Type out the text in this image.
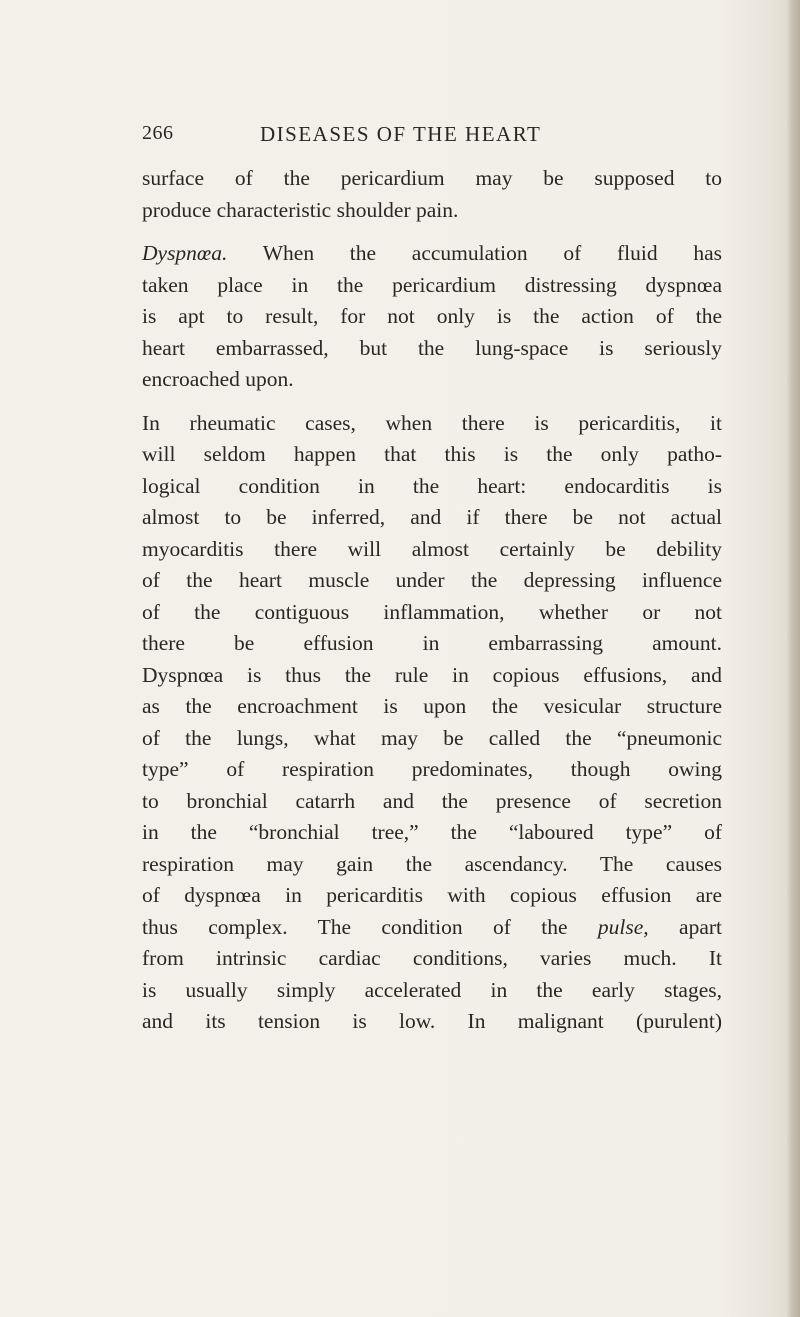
266	DISEASES OF THE HEART
surface of the pericardium may be supposed to
produce characteristic shoulder pain.
Dyspnœa. When the accumulation of fluid has
taken place in the pericardium distressing dyspnœa
is apt to result, for not only is the action of the
heart embarrassed, but the lung-space is seriously
encroached upon.
In rheumatic cases, when there is pericarditis, it
will seldom happen that this is the only patho-
logical condition in the heart: endocarditis is
almost to be inferred, and if there be not actual
myocarditis there will almost certainly be debility
of the heart muscle under the depressing influence
of the contiguous inflammation, whether or not
there be effusion in embarrassing amount.
Dyspnœa is thus the rule in copious effusions, and
as the encroachment is upon the vesicular structure
of the lungs, what may be called the “pneumonic
type” of respiration predominates, though owing
to bronchial catarrh and the presence of secretion
in the “bronchial tree,” the “laboured type” of
respiration may gain the ascendancy. The causes
of dyspnœa in pericarditis with copious effusion are
thus complex. The condition of the pulse, apart
from intrinsic cardiac conditions, varies much. It
is usually simply accelerated in the early stages,
and its tension is low. In malignant (purulent)
